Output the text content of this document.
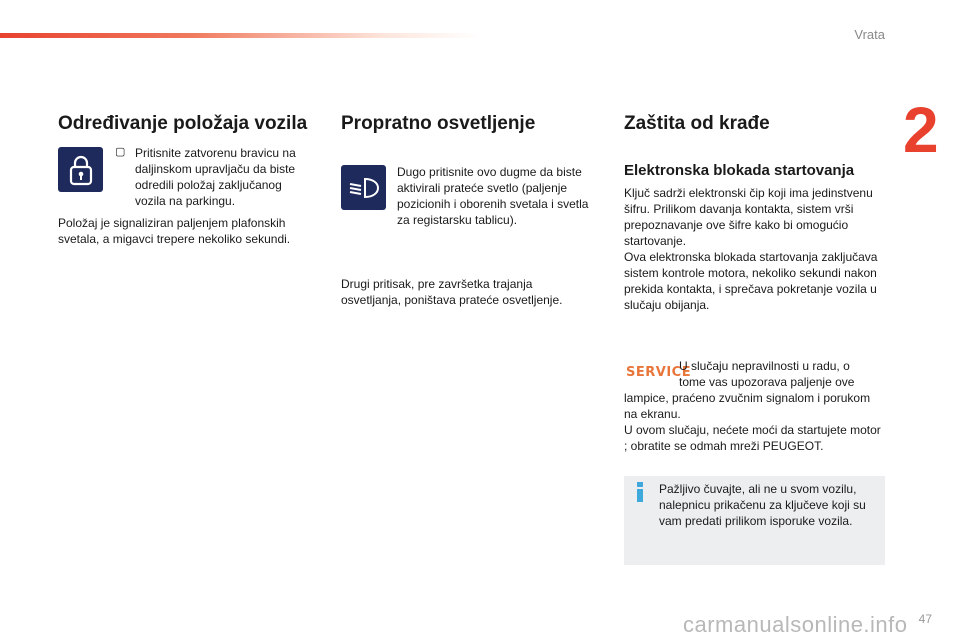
Vrata
2
Određivanje položaja vozila
▢ Pritisnite zatvorenu bravicu na daljinskom upravljaču da biste odredili položaj zaključanog vozila na parkingu.

Položaj je signaliziran paljenjem plafonskih svetala, a migavci trepere nekoliko sekundi.

Propratno osvetljenje

Dugo pritisnite ovo dugme da biste aktivirali prateće svetlo (paljenje pozicionih i oborenih svetala i svetla za registarsku tablicu).

Drugi pritisak, pre završetka trajanja osvetljanja, poništava prateće osvetljenje.

Zaštita od krađe
Elektronska blokada startovanja

Ključ sadrži elektronski čip koji ima jedinstvenu šifru. Prilikom davanja kontakta, sistem vrši prepoznavanje ove šifre kako bi omogućio startovanje.

Ova elektronska blokada startovanja zaključava sistem kontrole motora, nekoliko sekundi nakon prekida kontakta, i sprečava pokretanje vozila u slučaju obijanja.

SERVICE

U slučaju nepravilnosti u radu, o tome vas upozorava paljenje ove

lampice, praćeno zvučnim signalom i porukom na ekranu.

U ovom slučaju, nećete moći da startujete motor ; obratite se odmah mreži PEUGEOT.

Pažljivo čuvajte, ali ne u svom vozilu, nalepnicu prikačenu za ključeve koji su vam predati prilikom isporuke vozila.

carmanualsonline.info 47
